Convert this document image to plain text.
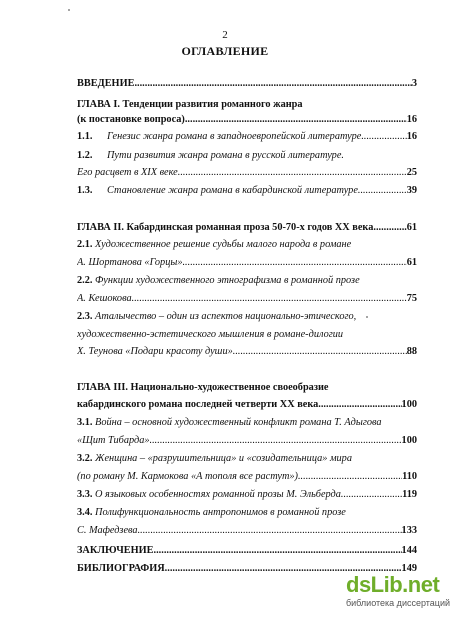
2
ОГЛАВЛЕНИЕ
ВВЕДЕНИЕ .....	3
ГЛАВА I. Тенденции развития романного жанра
(к постановке вопроса) .....	16
1.1.	Генезис жанра романа в западноевропейской литературе .....	16
1.2. Пути развития жанра романа в русской литературе.
Его расцвет в XIX веке .....	25
1.3.	Становление жанра романа в кабардинской литературе .....	39
ГЛАВА II. Кабардинская романная проза 50-70-х годов XX века .....	61
2.1. Художественное решение судьбы малого народа в романе
А. Шортанова «Горцы» .....	61
2.2. Функции художественного этнографизма в романной прозе
А. Кешокова .....	75
2.3. Аталычество – один из аспектов национально-этического,
художественно-эстетического мышления в романе-дилогии
Х. Теунова «Подари красоту души» .....	88
ГЛАВА III. Национально-художественное своеобразие
кабардинского романа последней четверти XX века .....	100
3.1. Война – основной художественный конфликт романа Т. Адыгова
«Щит Тибарда» .....	100
3.2. Женщина – «разрушительница» и «созидательница» мира
(по роману М. Кармокова «А тополя все растут») .....	110
3.3. О языковых особенностях романной прозы М. Эльберда .....	119
3.4. Полифункциональность антропонимов в романной прозе
С. Мафедзева .....	133
ЗАКЛЮЧЕНИЕ .....	144
БИБЛИОГРАФИЯ .....	149
dsLib.net
библиотека диссертаций
